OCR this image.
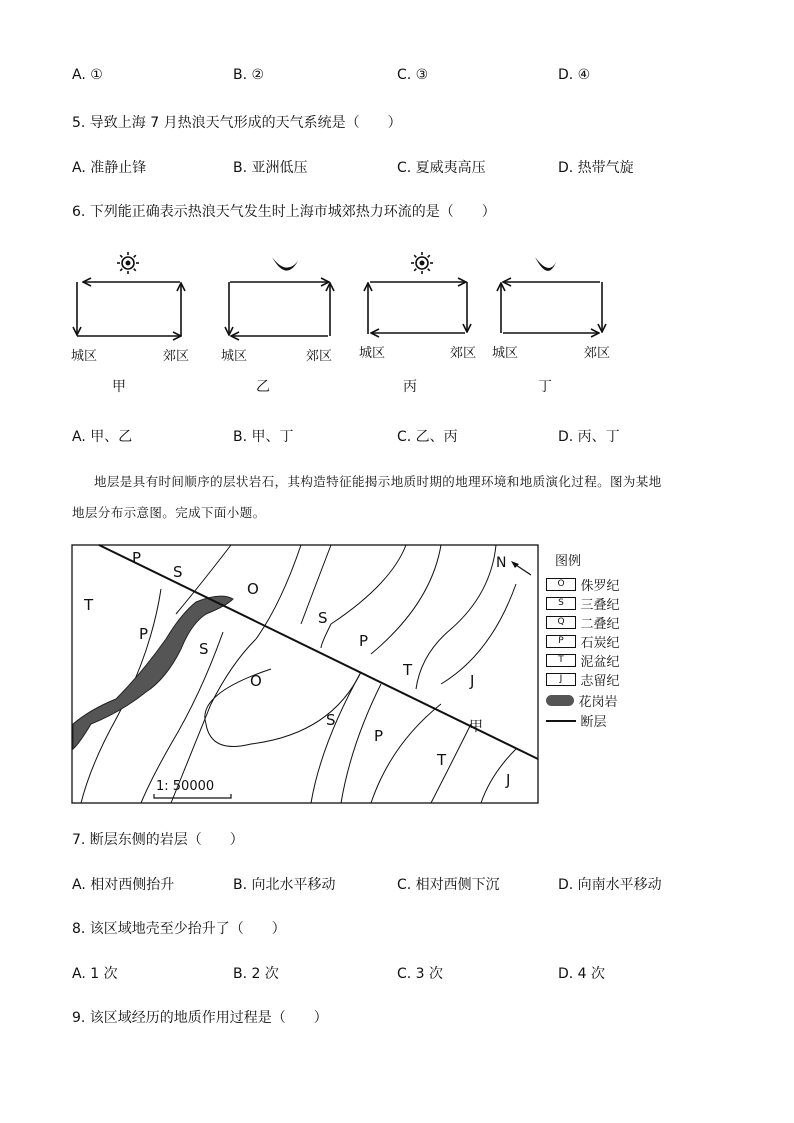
A. ①	B. ②	C. ③	D. ④
5. 导致上海 7 月热浪天气形成的天气系统是（　　）
A. 准静止锋	B. 亚洲低压	C. 夏威夷高压	D. 热带气旋
6. 下列能正确表示热浪天气发生时上海市城郊热力环流的是（　　）
城区	郊区
甲
城区	郊区
乙
城区	郊区
丙
城区	郊区
丁
A. 甲、乙	B. 甲、丁	C. 乙、丙	D. 丙、丁
地层是具有时间顺序的层状岩石，其构造特征能揭示地质时期的地理环境和地质演化过程。图为某地
地层分布示意图。完成下面小题。
N
1: 50000
甲
P
S
T
O
P
S
S
P
O
T
J
S
P
T
J
图例
O 侏罗纪
S 三叠纪
Q 二叠纪
P 石炭纪
T 泥盆纪
J 志留纪
花岗岩
断层
7. 断层东侧的岩层（　　）
A. 相对西侧抬升	B. 向北水平移动	C. 相对西侧下沉	D. 向南水平移动
8. 该区域地壳至少抬升了（　　）
A. 1 次	B. 2 次	C. 3 次	D. 4 次
9. 该区域经历的地质作用过程是（　　）
